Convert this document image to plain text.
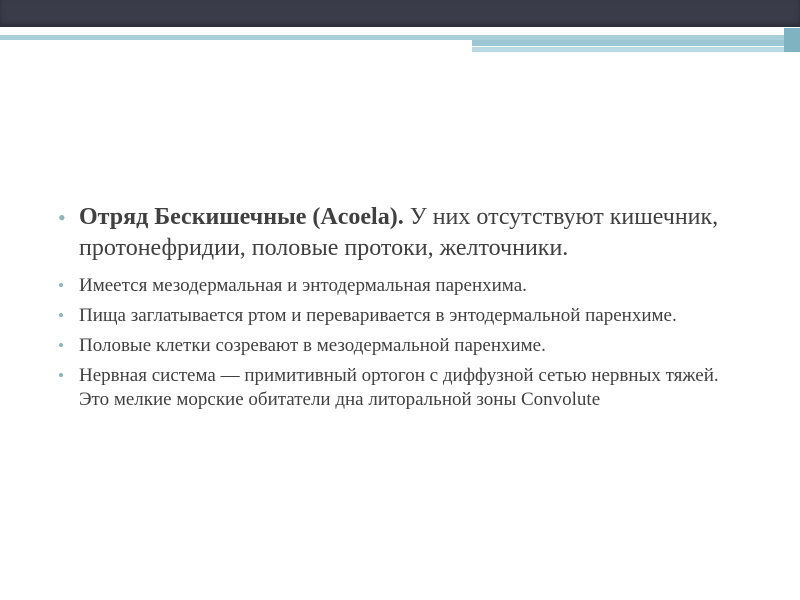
• Отряд Бескишечные (Acoela). У них отсутствуют кишечник, протонефридии, половые протоки, желточники.
• Имеется мезодермальная и энтодермальная паренхима.
• Пища заглатывается ртом и переваривается в энтодермальной паренхиме.
• Половые клетки созревают в мезодермальной паренхиме.
• Нервная система — примитивный ортогон с диффузной сетью нервных тяжей. Это мелкие морские обитатели дна литоральной зоны Convolute
